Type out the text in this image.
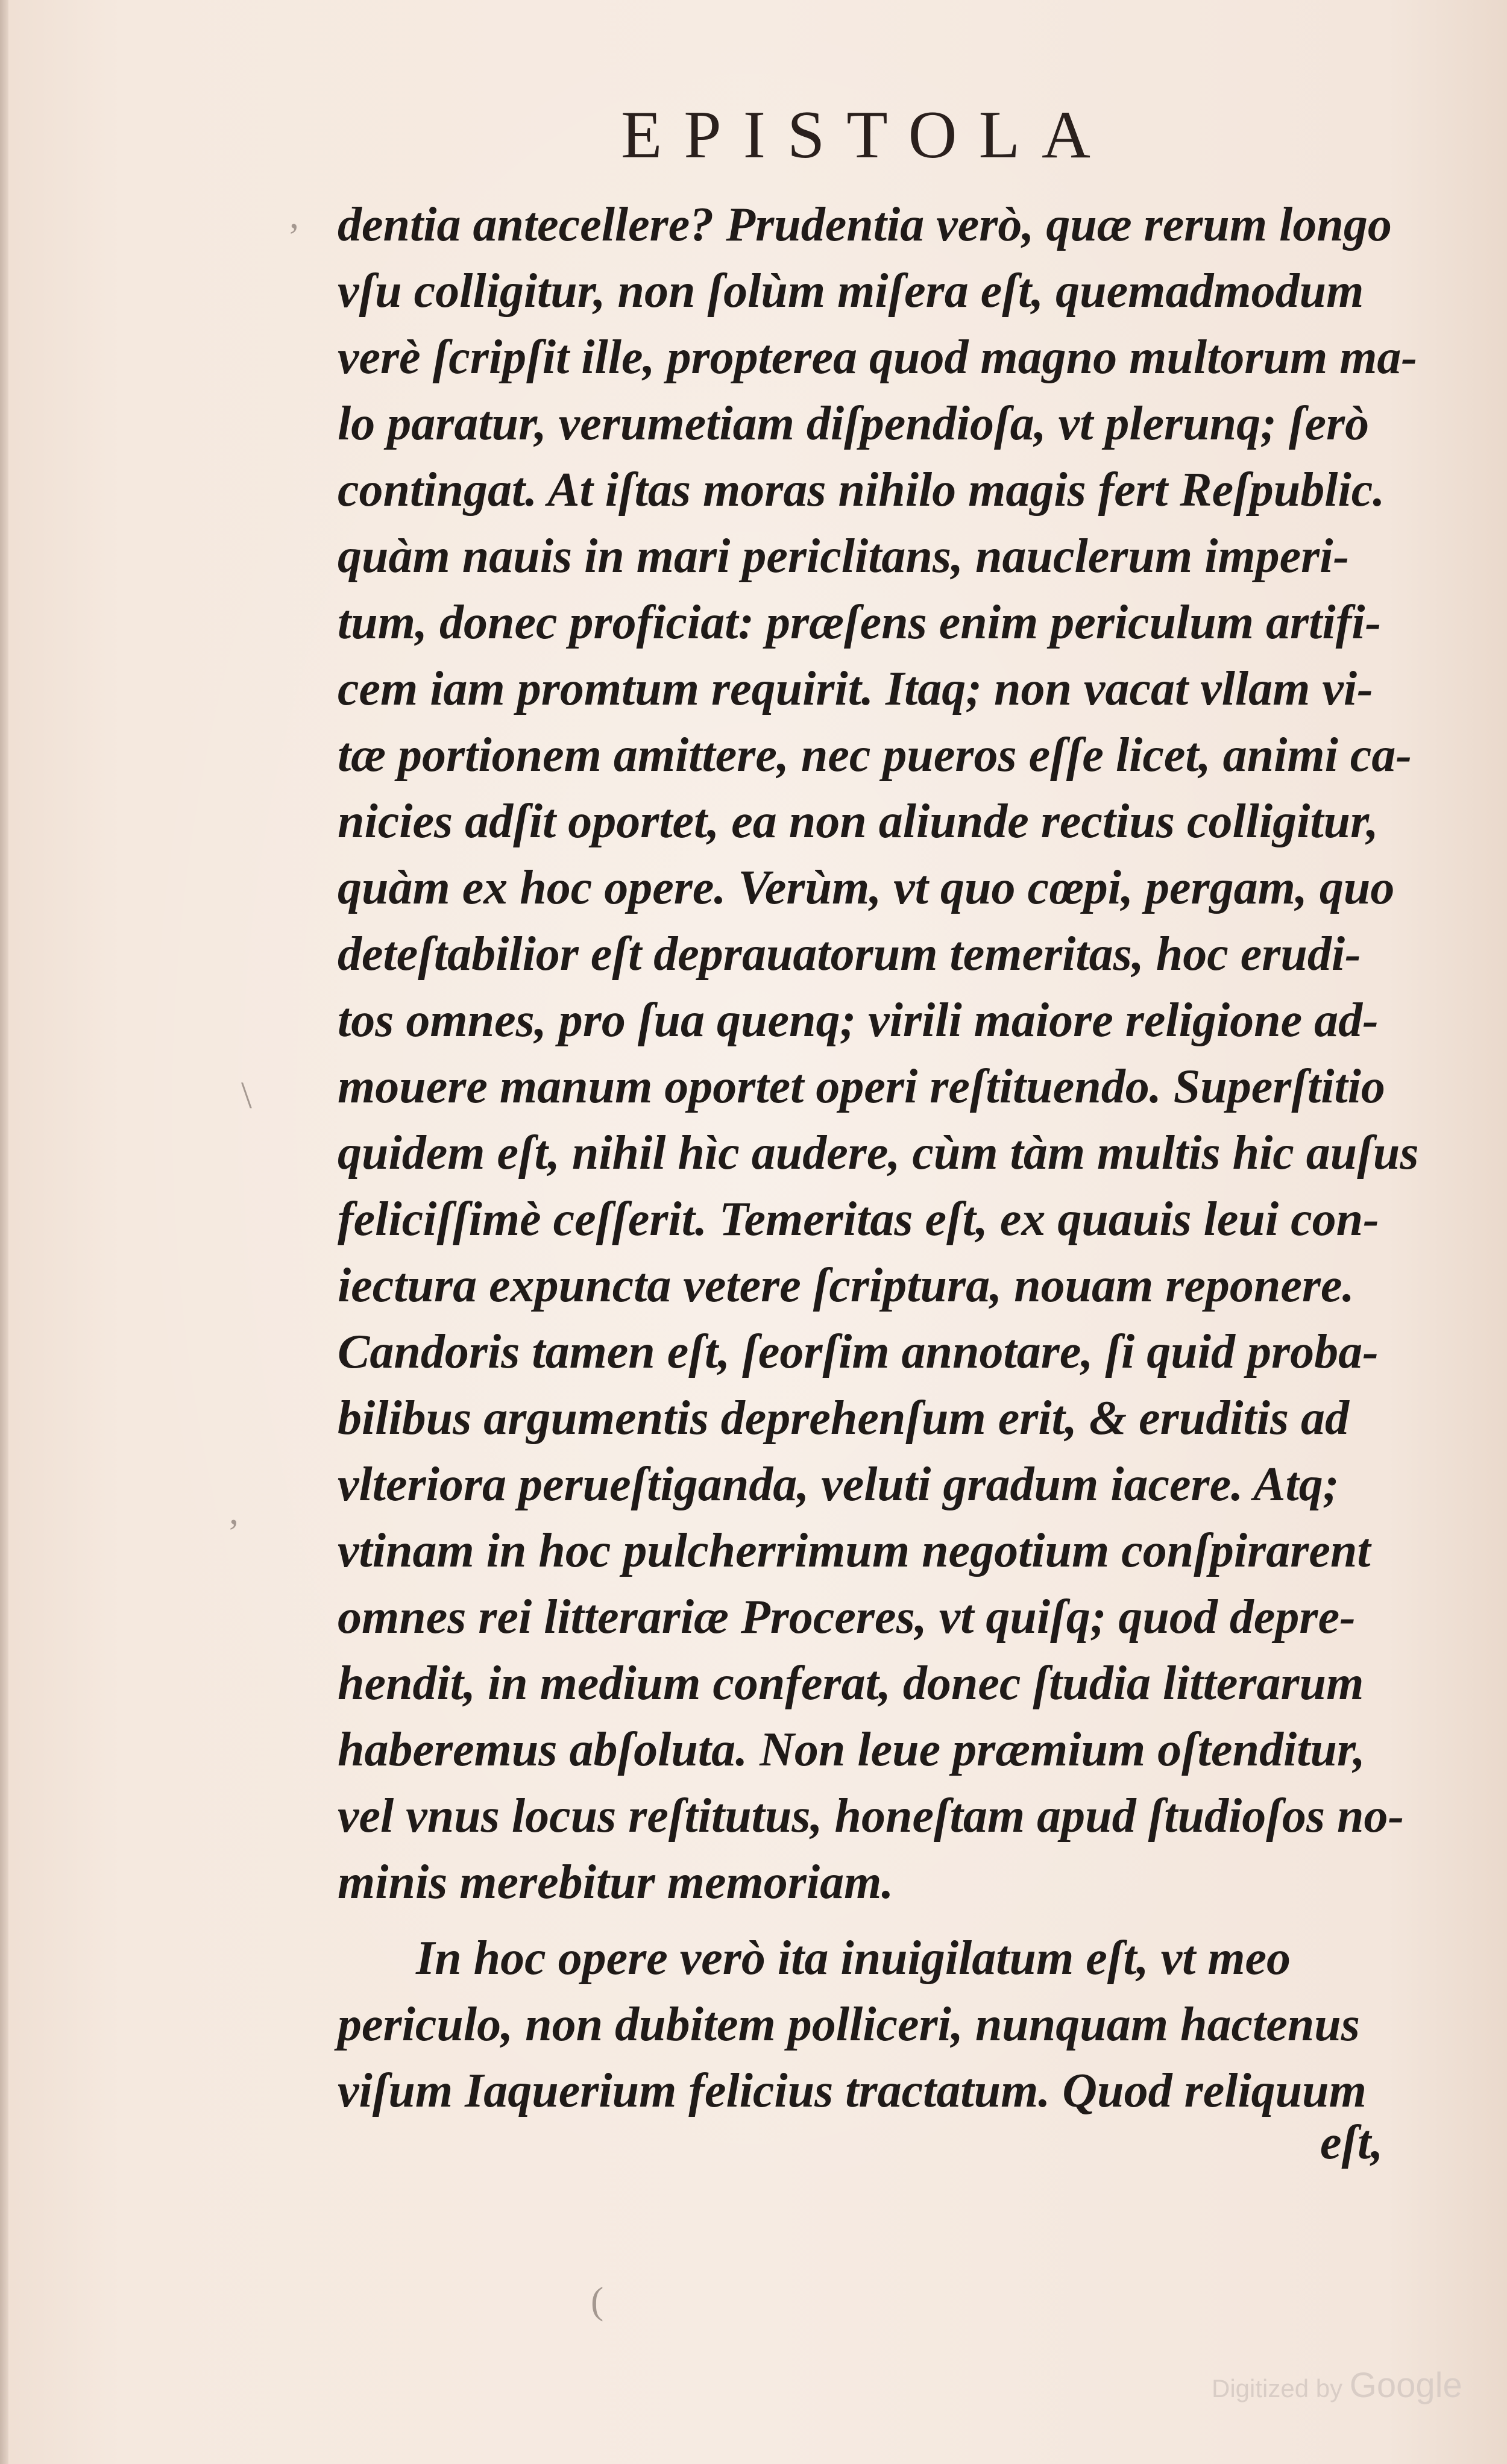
EPISTOLA
dentia antecellere? Prudentia verò, quæ rerum longo
vſu colligitur, non ſolùm miſera eſt, quemadmodum
verè ſcripſit ille, propterea quod magno multorum ma-
lo paratur, verumetiam diſpendioſa, vt plerunq; ſerò
contingat. At iſtas moras nihilo magis fert Reſpublic.
quàm nauis in mari periclitans, nauclerum imperi-
tum, donec proficiat: præſens enim periculum artifi-
cem iam promtum requirit. Itaq; non vacat vllam vi-
tæ portionem amittere, nec pueros eſſe licet, animi ca-
nicies adſit oportet, ea non aliunde rectius colligitur,
quàm ex hoc opere. Verùm, vt quo cœpi, pergam, quo
deteſtabilior eſt deprauatorum temeritas, hoc erudi-
tos omnes, pro ſua quenq; virili maiore religione ad-
mouere manum oportet operi reſtituendo. Superſtitio
quidem eſt, nihil hìc audere, cùm tàm multis hic auſus
feliciſſimè ceſſerit. Temeritas eſt, ex quauis leui con-
iectura expuncta vetere ſcriptura, nouam reponere.
Candoris tamen eſt, ſeorſim annotare, ſi quid proba-
bilibus argumentis deprehenſum erit, & eruditis ad
vlteriora perueſtiganda, veluti gradum iacere. Atq;
vtinam in hoc pulcherrimum negotium conſpirarent
omnes rei litterariæ Proceres, vt quiſq; quod depre-
hendit, in medium conferat, donec ſtudia litterarum
haberemus abſoluta. Non leue præmium oſtenditur,
vel vnus locus reſtitutus, honeſtam apud ſtudioſos no-
minis merebitur memoriam.
In hoc opere verò ita inuigilatum eſt, vt meo
periculo, non dubitem polliceri, nunquam hactenus
viſum Iaquerium felicius tractatum. Quod reliquum
eſt,
,
\
,
(
Digitized by Google
